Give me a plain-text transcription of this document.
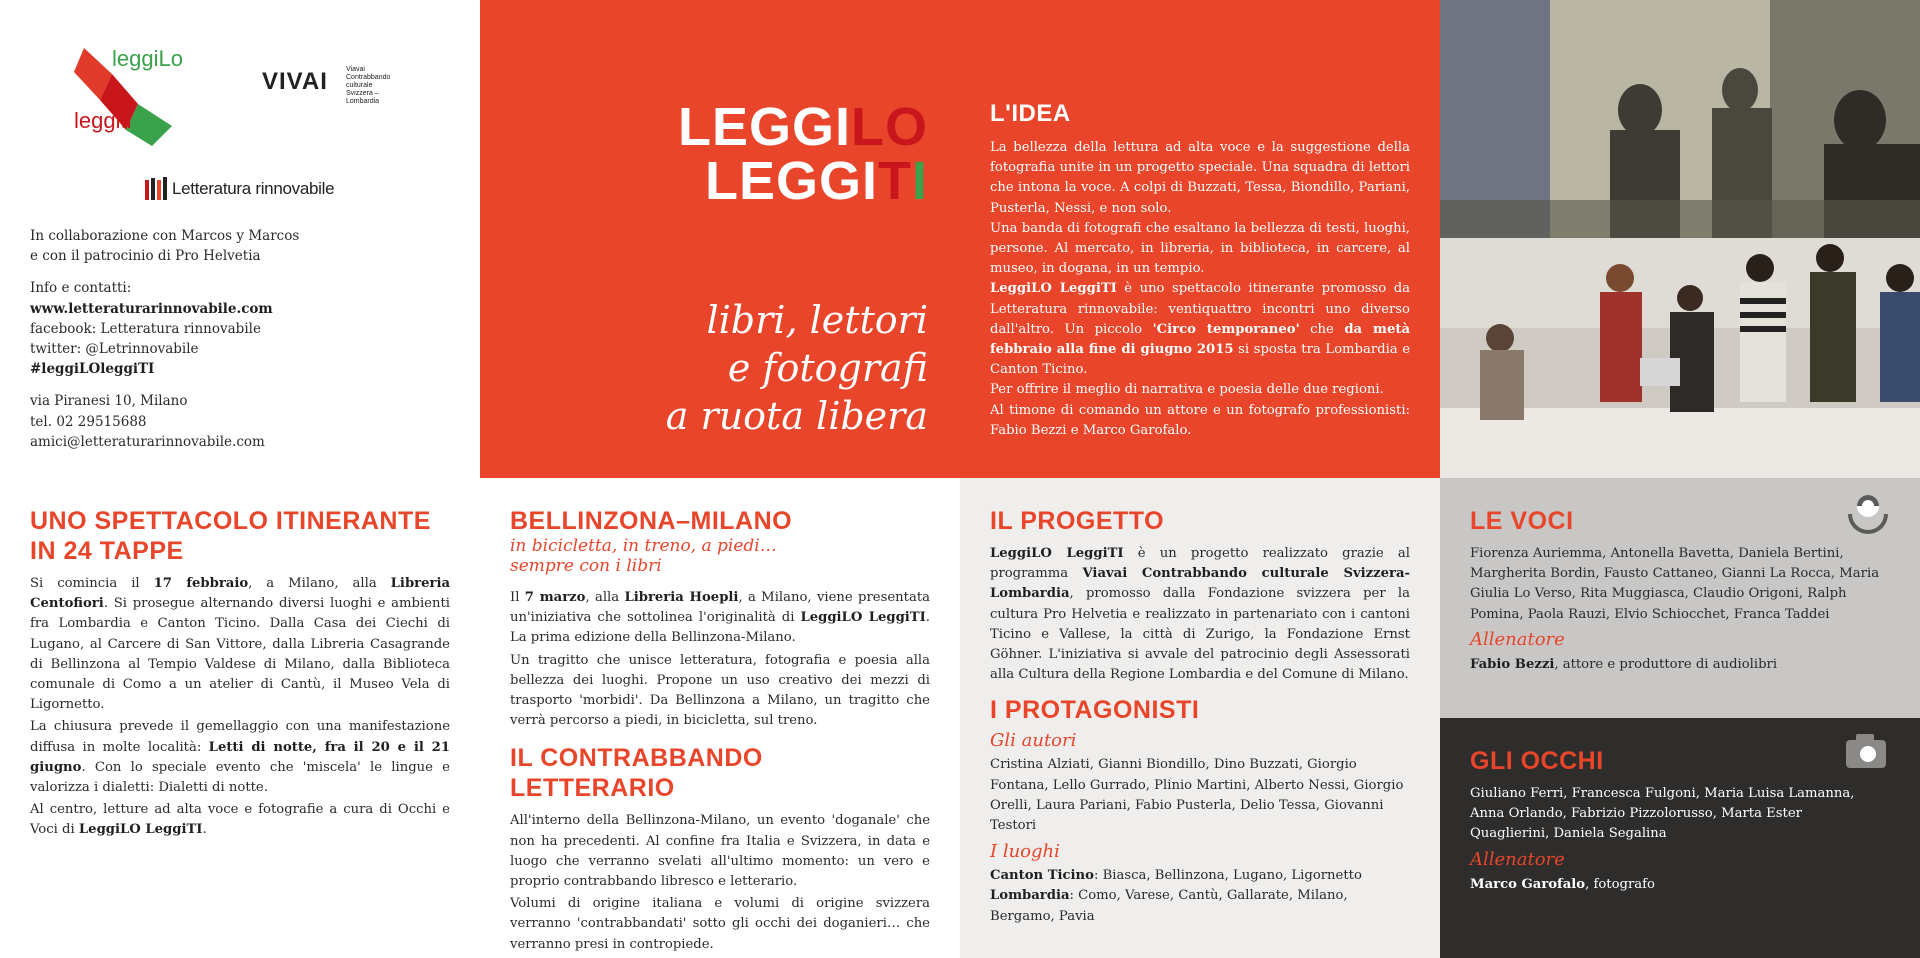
leggiLo
leggiti
VIVAI	Viavai
Contrabbando
culturale
Svizzera –
Lombardia
Letteratura rinnovabile
In collaborazione con Marcos y Marcos
e con il patrocinio di Pro Helvetia
Info e contatti:
www.letteraturarinnovabile.com
facebook: Letteratura rinnovabile
twitter: @Letrinnovabile
#leggiLOleggiTI
via Piranesi 10, Milano
tel. 02 29515688
amici@letteraturarinnovabile.com
LEGGILO
LEGGITI
libri, lettori
e fotografi
a ruota libera
L'IDEA

La bellezza della lettura ad alta voce e la suggestione della fotografia unite in un progetto speciale. Una squadra di lettori che intona la voce. A colpi di Buzzati, Tessa, Biondillo, Pariani, Pusterla, Nessi, e non solo.

Una banda di fotografi che esaltano la bellezza di testi, luoghi, persone. Al mercato, in libreria, in biblioteca, in carcere, al museo, in dogana, in un tempio.

LeggiLO LeggiTI è uno spettacolo itinerante promosso da Letteratura rinnovabile: ventiquattro incontri uno diverso dall'altro. Un piccolo 'Circo temporaneo' che da metà febbraio alla fine di giugno 2015 si sposta tra Lombardia e Canton Ticino.

Per offrire il meglio di narrativa e poesia delle due regioni.

Al timone di comando un attore e un fotografo professionisti: Fabio Bezzi e Marco Garofalo.

UNO SPETTACOLO ITINERANTE
IN 24 TAPPE

Si comincia il 17 febbraio, a Milano, alla Libreria Centofiori. Si prosegue alternando diversi luoghi e ambienti fra Lombardia e Canton Ticino. Dalla Casa dei Ciechi di Lugano, al Carcere di San Vittore, dalla Libreria Casagrande di Bellinzona al Tempio Valdese di Milano, dalla Biblioteca comunale di Como a un atelier di Cantù, il Museo Vela di Ligornetto.

La chiusura prevede il gemellaggio con una manifestazione diffusa in molte località: Letti di notte, fra il 20 e il 21 giugno. Con lo speciale evento che 'miscela' le lingue e valorizza i dialetti: Dialetti di notte.

Al centro, letture ad alta voce e fotografie a cura di Occhi e Voci di LeggiLO LeggiTI.

BELLINZONA–MILANO
in bicicletta, in treno, a piedi…
sempre con i libri

Il 7 marzo, alla Libreria Hoepli, a Milano, viene presentata un'iniziativa che sottolinea l'originalità di LeggiLO LeggiTI. La prima edizione della Bellinzona-Milano.

Un tragitto che unisce letteratura, fotografia e poesia alla bellezza dei luoghi. Propone un uso creativo dei mezzi di trasporto 'morbidi'. Da Bellinzona a Milano, un tragitto che verrà percorso a piedi, in bicicletta, sul treno.

IL CONTRABBANDO LETTERARIO

All'interno della Bellinzona-Milano, un evento 'doganale' che non ha precedenti. Al confine fra Italia e Svizzera, in data e luogo che verranno svelati all'ultimo momento: un vero e proprio contrabbando libresco e letterario.

Volumi di origine italiana e volumi di origine svizzera verranno 'contrabbandati' sotto gli occhi dei doganieri… che verranno presi in contropiede.

IL PROGETTO

LeggiLO LeggiTI è un progetto realizzato grazie al programma Viavai Contrabbando culturale Svizzera-Lombardia, promosso dalla Fondazione svizzera per la cultura Pro Helvetia e realizzato in partenariato con i cantoni Ticino e Vallese, la città di Zurigo, la Fondazione Ernst Göhner. L'iniziativa si avvale del patrocinio degli Assessorati alla Cultura della Regione Lombardia e del Comune di Milano.

I PROTAGONISTI
Gli autori

Cristina Alziati, Gianni Biondillo, Dino Buzzati, Giorgio Fontana, Lello Gurrado, Plinio Martini, Alberto Nessi, Giorgio Orelli, Laura Pariani, Fabio Pusterla, Delio Tessa, Giovanni Testori

I luoghi

Canton Ticino: Biasca, Bellinzona, Lugano, Ligornetto

Lombardia: Como, Varese, Cantù, Gallarate, Milano, Bergamo, Pavia

LE VOCI

Fiorenza Auriemma, Antonella Bavetta, Daniela Bertini, Margherita Bordin, Fausto Cattaneo, Gianni La Rocca, Maria Giulia Lo Verso, Rita Muggiasca, Claudio Origoni, Ralph Pomina, Paola Rauzi, Elvio Schiocchet, Franca Taddei

Allenatore

Fabio Bezzi, attore e produttore di audiolibri

GLI OCCHI

Giuliano Ferri, Francesca Fulgoni, Maria Luisa Lamanna, Anna Orlando, Fabrizio Pizzolorusso, Marta Ester Quaglierini, Daniela Segalina

Allenatore

Marco Garofalo, fotografo
